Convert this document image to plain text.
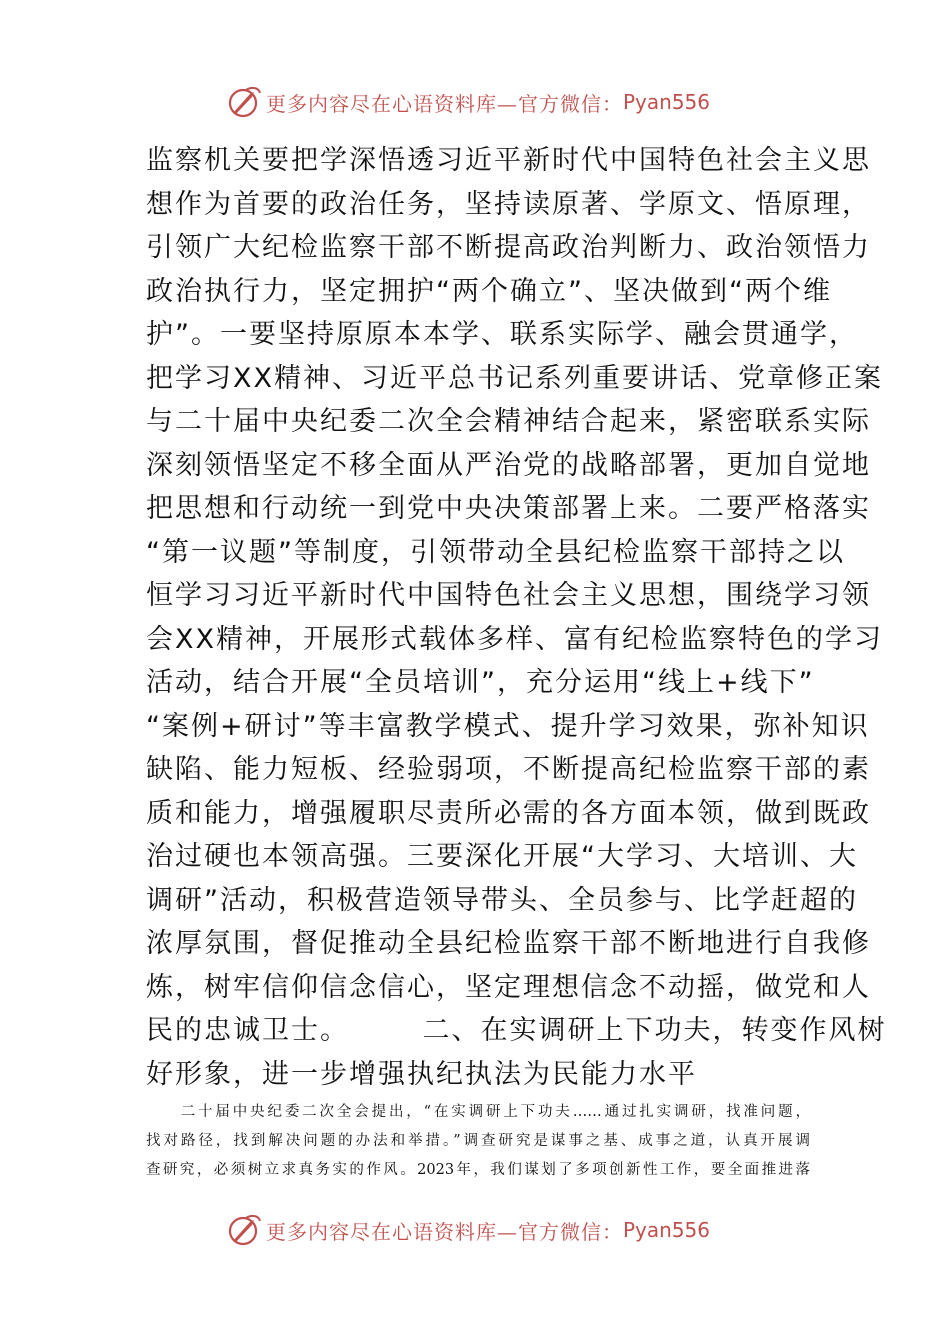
更多内容尽在心语资料库—官方微信： Pyan556
监察机关要把学深悟透习近平新时代中国特色社会主义思
想作为首要的政治任务，坚持读原著、学原文、悟原理，
引领广大纪检监察干部不断提高政治判断力、政治领悟力
政治执行力，坚定拥护“两个确立”、坚决做到“两个维
护”。一要坚持原原本本学、联系实际学、融会贯通学，
把学习XX精神、习近平总书记系列重要讲话、党章修正案
与二十届中央纪委二次全会精神结合起来，紧密联系实际
深刻领悟坚定不移全面从严治党的战略部署，更加自觉地
把思想和行动统一到党中央决策部署上来。二要严格落实
“第一议题”等制度，引领带动全县纪检监察干部持之以
恒学习习近平新时代中国特色社会主义思想，围绕学习领
会XX精神，开展形式载体多样、富有纪检监察特色的学习
活动，结合开展“全员培训”，充分运用“线上+线下”
“案例+研讨”等丰富教学模式、提升学习效果，弥补知识
缺陷、能力短板、经验弱项，不断提高纪检监察干部的素
质和能力，增强履职尽责所必需的各方面本领，做到既政
治过硬也本领高强。三要深化开展“大学习、大培训、大
调研”活动，积极营造领导带头、全员参与、比学赶超的
浓厚氛围，督促推动全县纪检监察干部不断地进行自我修
炼，树牢信仰信念信心，坚定理想信念不动摇，做党和人
民的忠诚卫士。　　　二、在实调研上下功夫，转变作风树
好形象，进一步增强执纪执法为民能力水平
　　二十届中央纪委二次全会提出，“在实调研上下功夫……通过扎实调研，找准问题，
找对路径，找到解决问题的办法和举措。”调查研究是谋事之基、成事之道，认真开展调
查研究，必须树立求真务实的作风。2023年，我们谋划了多项创新性工作，要全面推进落
更多内容尽在心语资料库—官方微信： Pyan556
